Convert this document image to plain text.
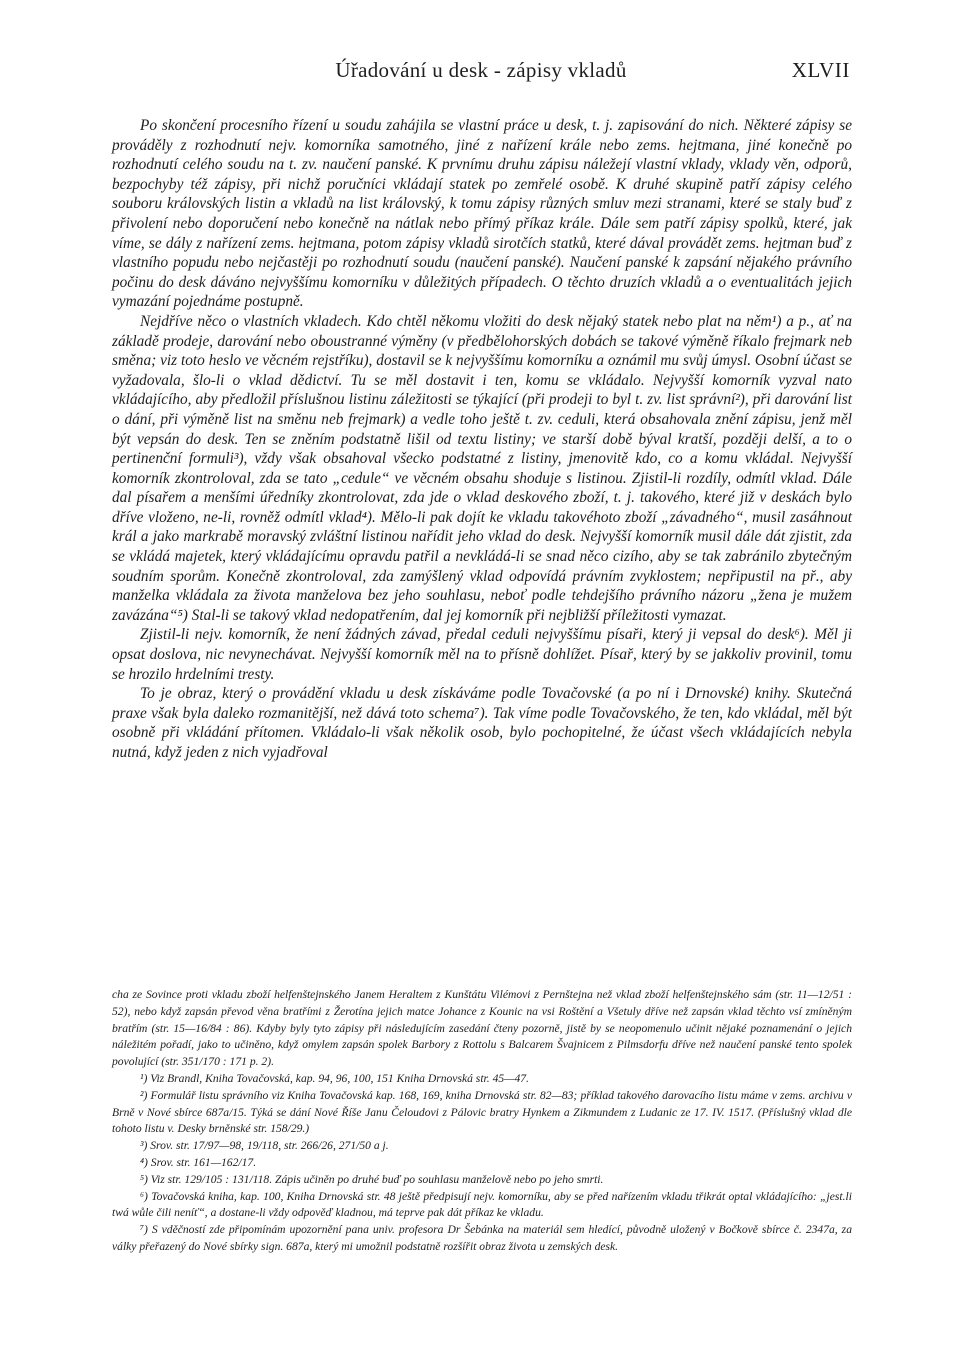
Úřadování u desk - zápisy vkladů	XLVII

Po skončení procesního řízení u soudu zahájila se vlastní práce u desk, t. j. zapisování do nich. Některé zápisy se prováděly z rozhodnutí nejv. komorníka samotného, jiné z nařízení krále nebo zems. hejtmana, jiné konečně po rozhodnutí celého soudu na t. zv. naučení panské. K prvnímu druhu zápisu náležejí vlastní vklady, vklady věn, odporů, bezpochyby též zápisy, při nichž poručníci vkládají statek po zemřelé osobě. K druhé skupině patří zápisy celého souboru královských listin a vkladů na list královský, k tomu zápisy různých smluv mezi stranami, které se staly buď z přivolení nebo doporučení nebo konečně na nátlak nebo přímý příkaz krále. Dále sem patří zápisy spolků, které, jak víme, se dály z nařízení zems. hejtmana, potom zápisy vkladů sirotčích statků, které dával provádět zems. hejtman buď z vlastního popudu nebo nejčastěji po rozhodnutí soudu (naučení panské). Naučení panské k zapsání nějakého právního počinu do desk dáváno nejvyššímu komorníku v důležitých případech. O těchto druzích vkladů a o eventualitách jejich vymazání pojednáme postupně.

Nejdříve něco o vlastních vkladech. Kdo chtěl někomu vložiti do desk nějaký statek nebo plat na něm¹) a p., ať na základě prodeje, darování nebo oboustranné výměny (v předbělohorských dobách se takové výměně říkalo frejmark neb směna; viz toto heslo ve věcném rejstříku), dostavil se k nejvyššímu komorníku a oznámil mu svůj úmysl. Osobní účast se vyžadovala, šlo-li o vklad dědictví. Tu se měl dostavit i ten, komu se vkládalo. Nejvyšší komorník vyzval nato vkládajícího, aby předložil příslušnou listinu záležitosti se týkající (při prodeji to byl t. zv. list správní²), při darování list o dání, při výměně list na směnu neb frejmark) a vedle toho ještě t. zv. ceduli, která obsahovala znění zápisu, jenž měl být vepsán do desk. Ten se zněním podstatně lišil od textu listiny; ve starší době býval kratší, později delší, a to o pertinenční formuli³), vždy však obsahoval všecko podstatné z listiny, jmenovitě kdo, co a komu vkládal. Nejvyšší komorník zkontroloval, zda se tato „cedule“ ve věcném obsahu shoduje s listinou. Zjistil-li rozdíly, odmítl vklad. Dále dal písařem a menšími úředníky zkontrolovat, zda jde o vklad deskového zboží, t. j. takového, které již v deskách bylo dříve vloženo, ne-li, rovněž odmítl vklad⁴). Mělo-li pak dojít ke vkladu takovéhoto zboží „závadného“, musil zasáhnout král a jako markrabě moravský zvláštní listinou nařídit jeho vklad do desk. Nejvyšší komorník musil dále dát zjistit, zda se vkládá majetek, který vkládajícímu opravdu patřil a nevkládá-li se snad něco cizího, aby se tak zabránilo zbytečným soudním sporům. Konečně zkontroloval, zda zamýšlený vklad odpovídá právním zvyklostem; nepřipustil na př., aby manželka vkládala za života manželova bez jeho souhlasu, neboť podle tehdejšího právního názoru „žena je mužem zavázána“⁵) Stal-li se takový vklad nedopatřením, dal jej komorník při nejbližší příležitosti vymazat.

Zjistil-li nejv. komorník, že není žádných závad, předal ceduli nejvyššímu písaři, který ji vepsal do desk⁶). Měl ji opsat doslova, nic nevynechávat. Nejvyšší komorník měl na to přísně dohlížet. Písař, který by se jakkoliv provinil, tomu se hrozilo hrdelními tresty.

To je obraz, který o provádění vkladu u desk získáváme podle Tovačovské (a po ní i Drnovské) knihy. Skutečná praxe však byla daleko rozmanitější, než dává toto schema⁷). Tak víme podle Tovačovského, že ten, kdo vkládal, měl být osobně při vkládání přítomen. Vkládalo-li však několik osob, bylo pochopitelné, že účast všech vkládajících nebyla nutná, když jeden z nich vyjadřoval

cha ze Sovince proti vkladu zboží helfenštejnského Janem Heraltem z Kunštátu Vilémovi z Pernštejna než vklad zboží helfenštejnského sám (str. 11—12/51 : 52), nebo když zapsán převod věna bratřími z Žerotína jejich matce Johance z Kounic na vsi Roštění a Všetuly dříve než zapsán vklad těchto vsí zmíněným bratřím (str. 15—16/84 : 86). Kdyby byly tyto zápisy při následujícím zasedání čteny pozorně, jistě by se neopomenulo učinit nějaké poznamenání o jejich náležitém pořadí, jako to učiněno, když omylem zapsán spolek Barbory z Rottolu s Balcarem Švajnicem z Pilmsdorfu dříve než naučení panské tento spolek povolující (str. 351/170 : 171 p. 2).

¹) Viz Brandl, Kniha Tovačovská, kap. 94, 96, 100, 151 Kniha Drnovská str. 45—47.

²) Formulář listu správního viz Kniha Tovačovská kap. 168, 169, kniha Drnovská str. 82—83; příklad takového darovacího listu máme v zems. archivu v Brně v Nové sbírce 687a/15. Týká se dání Nové Říše Janu Čeloudovi z Pálovic bratry Hynkem a Zikmundem z Ludanic ze 17. IV. 1517. (Příslušný vklad dle tohoto listu v. Desky brněnské str. 158/29.)

³) Srov. str. 17/97—98, 19/118, str. 266/26, 271/50 a j.

⁴) Srov. str. 161—162/17.

⁵) Viz str. 129/105 : 131/118. Zápis učiněn po druhé buď po souhlasu manželově nebo po jeho smrti.

⁶) Tovačovská kniha, kap. 100, Kniha Drnovská str. 48 ještě předpisují nejv. komorníku, aby se před nařízením vkladu třikrát optal vkládajícího: „jest.li twá wůle čili neníť“, a dostane-li vždy odpověď kladnou, má teprve pak dát příkaz ke vkladu.

⁷) S vděčností zde připomínám upozornění pana univ. profesora Dr Šebánka na materiál sem hledící, původně uložený v Bočkově sbírce č. 2347a, za války přeřazený do Nové sbírky sign. 687a, který mi umožnil podstatně rozšířit obraz života u zemských desk.
